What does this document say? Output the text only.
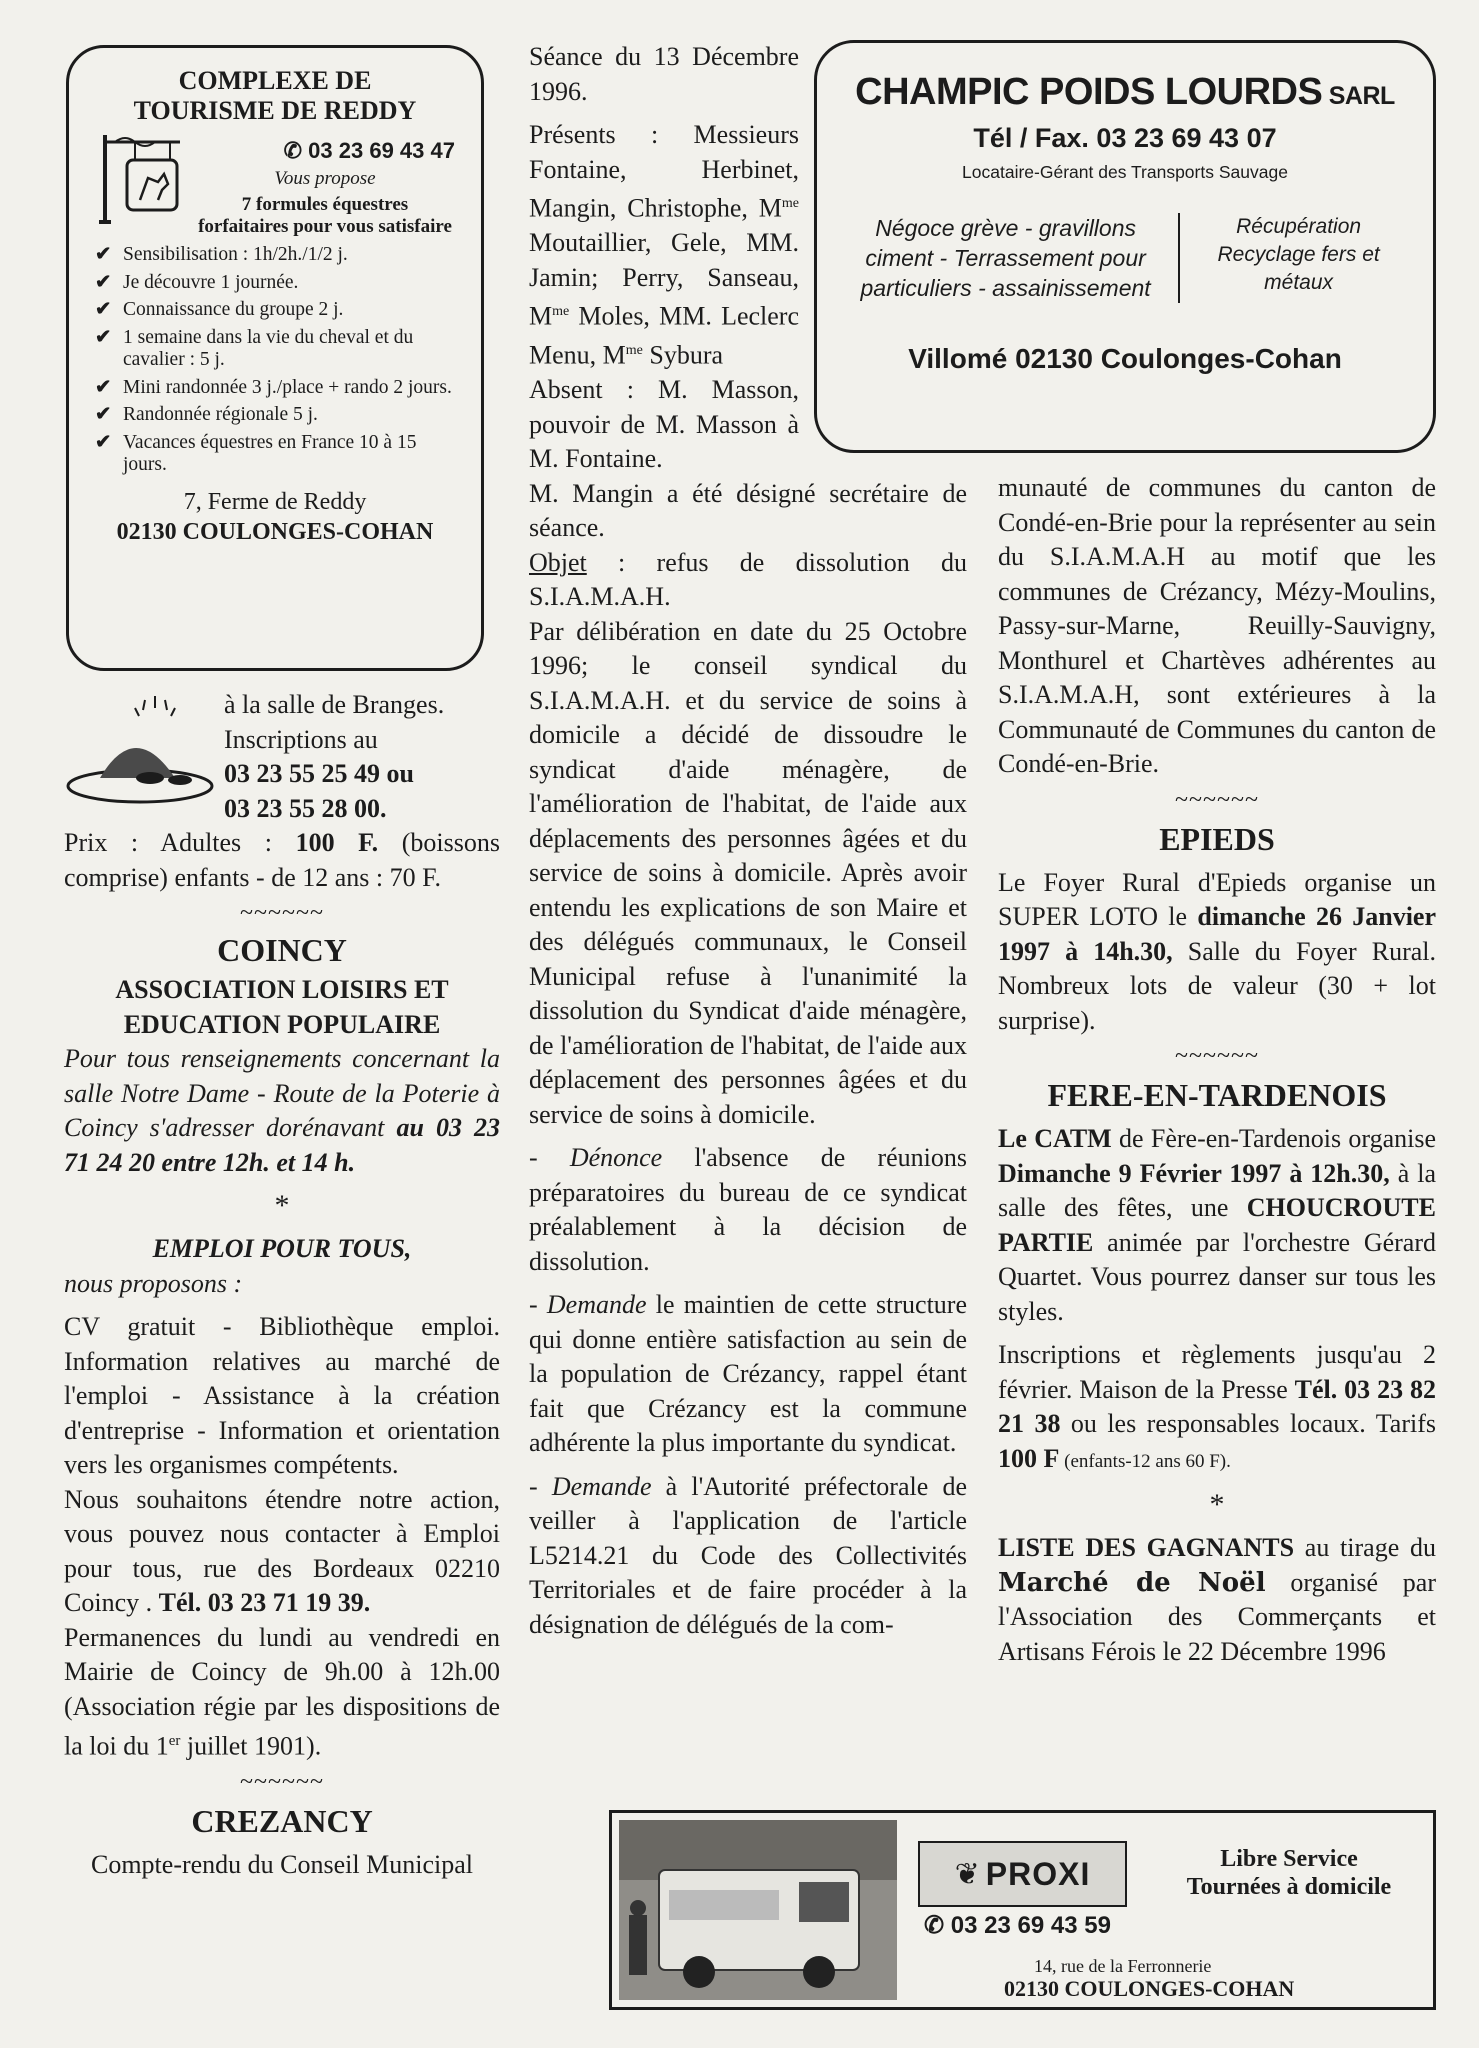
COMPLEXE DE

TOURISME DE REDDY

✆ 03 23 69 43 47

Vous propose

7 formules équestres forfaitaires pour vous satisfaire

✔ Sensibilisation : 1h/2h./1/2 j.
✔ Je découvre 1 journée.
✔ Connaissance du groupe 2 j.
✔ 1 semaine dans la vie du cheval et du cavalier : 5 j.
✔ Mini randonnée 3 j./place + rando 2 jours.
✔ Randonnée régionale 5 j.
✔ Vacances équestres en France 10 à 15 jours.

7, Ferme de Reddy

02130 COULONGES-COHAN

à la salle de Branges.

Inscriptions au

03 23 55 25 49 ou

03 23 55 28 00.

Prix : Adultes : 100 F. (boissons comprise) enfants - de 12 ans : 70 F.

~~~~~~

COINCY

ASSOCIATION LOISIRS ET

EDUCATION POPULAIRE

Pour tous renseignements concernant la salle Notre Dame - Route de la Poterie à Coincy s'adresser dorénavant au 03 23 71 24 20 entre 12h. et 14 h.

*

EMPLOI POUR TOUS,

nous proposons :

CV gratuit - Bibliothèque emploi. Information relatives au marché de l'emploi - Assistance à la création d'entreprise - Information et orientation vers les organismes compétents.

Nous souhaitons étendre notre action, vous pouvez nous contacter à Emploi pour tous, rue des Bordeaux 02210 Coincy . Tél. 03 23 71 19 39.

Permanences du lundi au vendredi en Mairie de Coincy de 9h.00 à 12h.00 (Association régie par les dispositions de la loi du 1er juillet 1901).

~~~~~~

CREZANCY

Compte-rendu du Conseil Municipal

Séance du 13 Décembre 1996.

Présents : Messieurs Fontaine, Herbinet, Mangin, Christophe, $M^{me}$ Moutaillier, Gele, MM. Jamin; Perry, Sanseau, $M^{me}$ Moles, MM. Leclerc Menu, $M^{me}$ Sybura

Absent : M. Masson, pouvoir de M. Masson à M. Fontaine.

M. Mangin a été désigné secrétaire de séance.

Objet : refus de dissolution du S.I.A.M.A.H.

Par délibération en date du 25 Octobre 1996; le conseil syndical du S.I.A.M.A.H. et du service de soins à domicile a décidé de dissoudre le syndicat d'aide ménagère, de l'amélioration de l'habitat, de l'aide aux déplacements des personnes âgées et du service de soins à domicile. Après avoir entendu les explications de son Maire et des délégués communaux, le Conseil Municipal refuse à l'unanimité la dissolution du Syndicat d'aide ménagère, de l'amélioration de l'habitat, de l'aide aux déplacement des personnes âgées et du service de soins à domicile.

- Dénonce l'absence de réunions préparatoires du bureau de ce syndicat préalablement à la décision de dissolution.

- Demande le maintien de cette structure qui donne entière satisfaction au sein de la population de Crézancy, rappel étant fait que Crézancy est la commune adhérente la plus importante du syndicat.

- Demande à l'Autorité préfectorale de veiller à l'application de l'article L5214.21 du Code des Collectivités Territoriales et de faire procéder à la désignation de délégués de la com-

CHAMPIC POIDS LOURDS SARL

Tél / Fax. 03 23 69 43 07

Locataire-Gérant des Transports Sauvage

Négoce grève - gravillons ciment - Terrassement pour particuliers - assainissement
Récupération Recyclage fers et métaux

Villomé 02130 Coulonges-Cohan

munauté de communes du canton de Condé-en-Brie pour la représenter au sein du S.I.A.M.A.H au motif que les communes de Crézancy, Mézy-Moulins, Passy-sur-Marne, Reuilly-Sauvigny, Monthurel et Chartèves adhérentes au S.I.A.M.A.H, sont extérieures à la Communauté de Communes du canton de Condé-en-Brie.

~~~~~~

EPIEDS

Le Foyer Rural d'Epieds organise un SUPER LOTO le dimanche 26 Janvier 1997 à 14h.30, Salle du Foyer Rural. Nombreux lots de valeur (30 + lot surprise).

~~~~~~

FERE-EN-TARDENOIS

Le CATM de Fère-en-Tardenois organise Dimanche 9 Février 1997 à 12h.30, à la salle des fêtes, une CHOUCROUTE PARTIE animée par l'orchestre Gérard Quartet. Vous pourrez danser sur tous les styles.

Inscriptions et règlements jusqu'au 2 février. Maison de la Presse Tél. 03 23 82 21 38 ou les responsables locaux. Tarifs 100 F (enfants-12 ans 60 F).

*

LISTE DES GAGNANTS au tirage du Marché de Noël organisé par l'Association des Commerçants et Artisans Férois le 22 Décembre 1996

❦ PROXI	Libre Service
Tournées à domicile
✆ 03 23 69 43 59
14, rue de la Ferronnerie
02130 COULONGES-COHAN
